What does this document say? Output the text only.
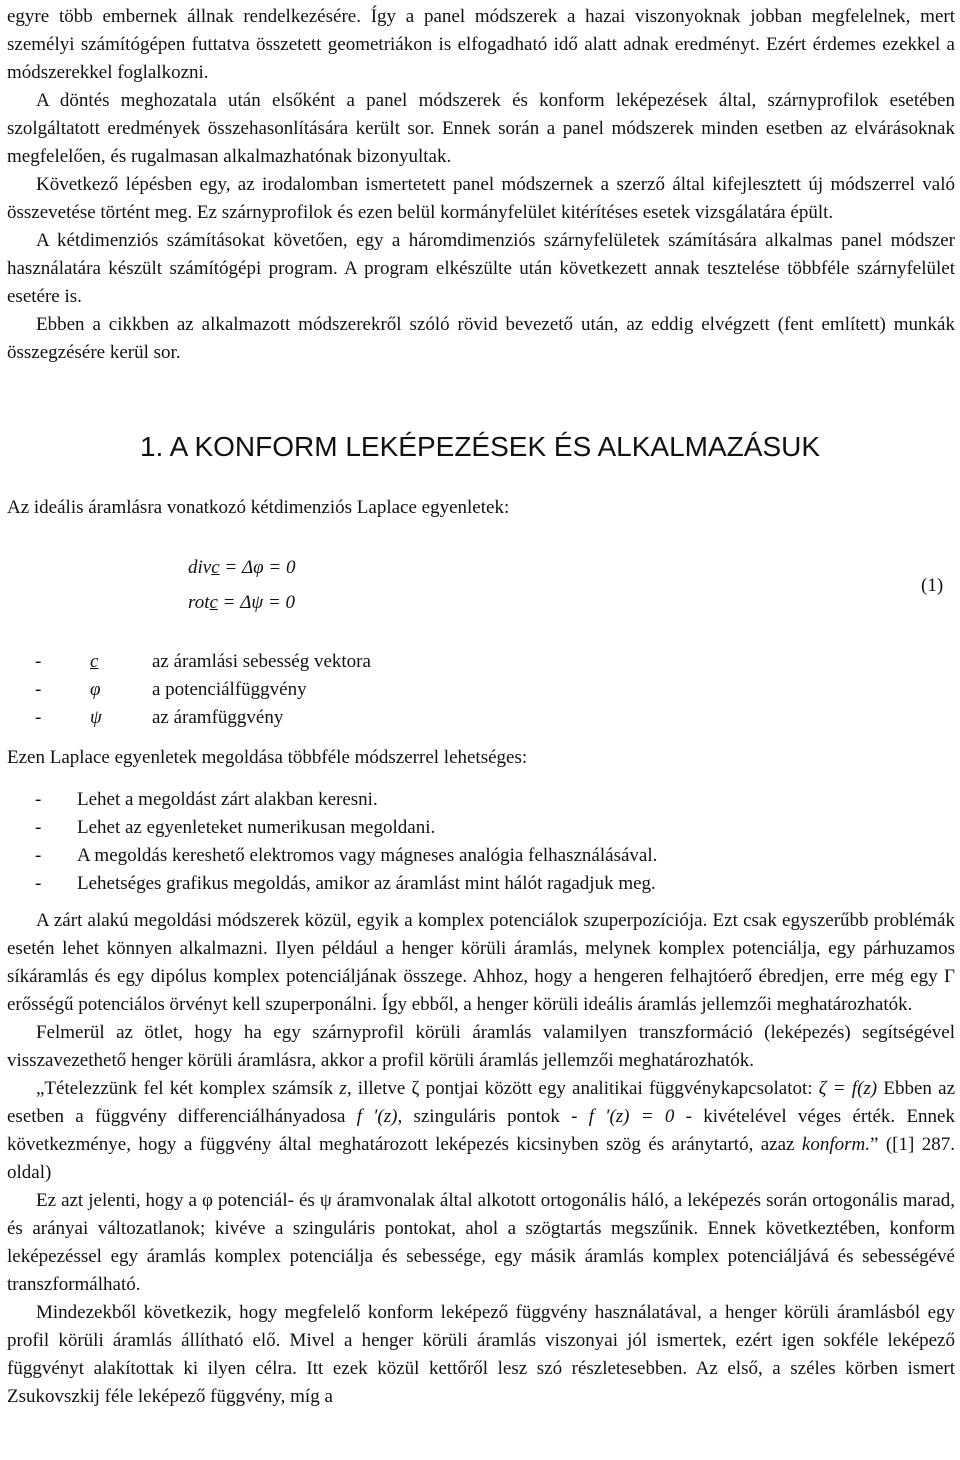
egyre több embernek állnak rendelkezésére. Így a panel módszerek a hazai viszonyoknak jobban megfelelnek, mert személyi számítógépen futtatva összetett geometriákon is elfogadható idő alatt adnak eredményt. Ezért érdemes ezekkel a módszerekkel foglalkozni.

A döntés meghozatala után elsőként a panel módszerek és konform leképezések által, szárnyprofilok esetében szolgáltatott eredmények összehasonlítására került sor. Ennek során a panel módszerek minden esetben az elvárásoknak megfelelően, és rugalmasan alkalmazhatónak bizonyultak.

Következő lépésben egy, az irodalomban ismertetett panel módszernek a szerző által kifejlesztett új módszerrel való összevetése történt meg. Ez szárnyprofilok és ezen belül kormányfelület kitérítéses esetek vizsgálatára épült.

A kétdimenziós számításokat követően, egy a háromdimenziós szárnyfelületek számítására alkalmas panel módszer használatára készült számítógépi program. A program elkészülte után következett annak tesztelése többféle szárnyfelület esetére is.

Ebben a cikkben az alkalmazott módszerekről szóló rövid bevezető után, az eddig elvégzett (fent említett) munkák összegzésére kerül sor.

1. A KONFORM LEKÉPEZÉSEK ÉS ALKALMAZÁSUK

Az ideális áramlásra vonatkozó kétdimenziós Laplace egyenletek:

divc = Δφ = 0
rotc = Δψ = 0
(1)
-	c	az áramlási sebesség vektora
-	φ	a potenciálfüggvény
-	ψ	az áramfüggvény

Ezen Laplace egyenletek megoldása többféle módszerrel lehetséges:

- Lehet a megoldást zárt alakban keresni.
- Lehet az egyenleteket numerikusan megoldani.
- A megoldás kereshető elektromos vagy mágneses analógia felhasználásával.
- Lehetséges grafikus megoldás, amikor az áramlást mint hálót ragadjuk meg.

A zárt alakú megoldási módszerek közül, egyik a komplex potenciálok szuperpozíciója. Ezt csak egyszerűbb problémák esetén lehet könnyen alkalmazni. Ilyen például a henger körüli áramlás, melynek komplex potenciálja, egy párhuzamos síkáramlás és egy dipólus komplex potenciáljának összege. Ahhoz, hogy a hengeren felhajtóerő ébredjen, erre még egy Γ erősségű potenciálos örvényt kell szuperponálni. Így ebből, a henger körüli ideális áramlás jellemzői meghatározhatók.

Felmerül az ötlet, hogy ha egy szárnyprofil körüli áramlás valamilyen transzformáció (leképezés) segítségével visszavezethető henger körüli áramlásra, akkor a profil körüli áramlás jellemzői meghatározhatók.

„Tételezzünk fel két komplex számsík z, illetve ζ pontjai között egy analitikai függvénykapcsolatot: ζ = f(z) Ebben az esetben a függvény differenciálhányadosa f ′(z), szinguláris pontok - f ′(z) = 0 - kivételével véges érték. Ennek következménye, hogy a függvény által meghatározott leképezés kicsinyben szög és aránytartó, azaz konform.” ([1] 287. oldal)

Ez azt jelenti, hogy a φ potenciál- és ψ áramvonalak által alkotott ortogonális háló, a leképezés során ortogonális marad, és arányai változatlanok; kivéve a szinguláris pontokat, ahol a szögtartás megszűnik. Ennek következtében, konform leképezéssel egy áramlás komplex potenciálja és sebessége, egy másik áramlás komplex potenciáljává és sebességévé transzformálható.

Mindezekből következik, hogy megfelelő konform leképező függvény használatával, a henger körüli áramlásból egy profil körüli áramlás állítható elő. Mivel a henger körüli áramlás viszonyai jól ismertek, ezért igen sokféle leképező függvényt alakítottak ki ilyen célra. Itt ezek közül kettőről lesz szó részletesebben. Az első, a széles körben ismert Zsukovszkij féle leképező függvény, míg a
